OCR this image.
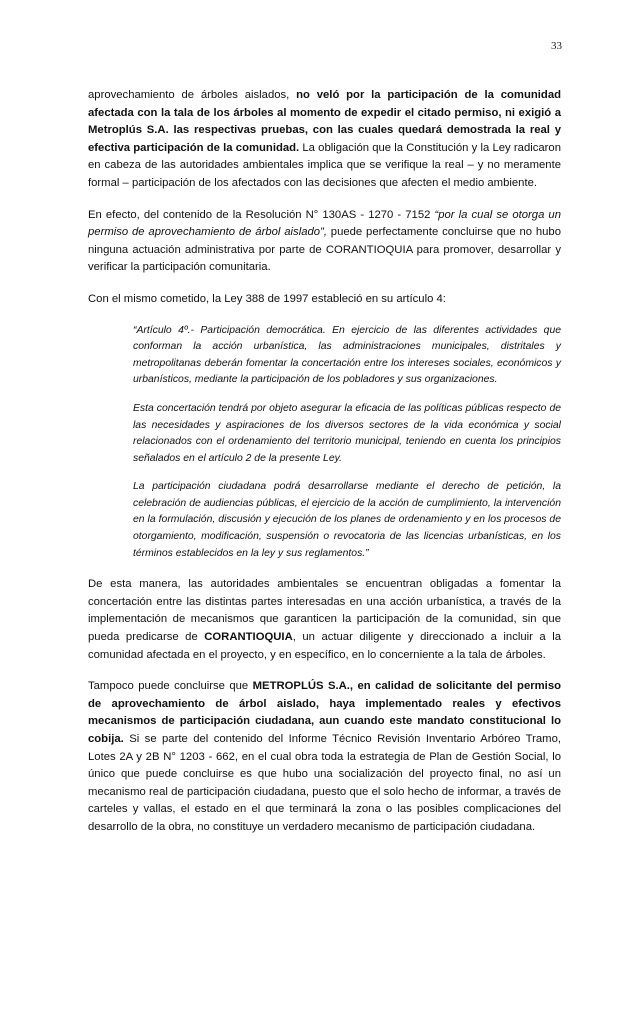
33

aprovechamiento de árboles aislados, no veló por la participación de la comunidad afectada con la tala de los árboles al momento de expedir el citado permiso, ni exigió a Metroplús S.A. las respectivas pruebas, con las cuales quedará demostrada la real y efectiva participación de la comunidad. La obligación que la Constitución y la Ley radicaron en cabeza de las autoridades ambientales implica que se verifique la real – y no meramente formal – participación de los afectados con las decisiones que afecten el medio ambiente.

En efecto, del contenido de la Resolución N° 130AS - 1270 - 7152 “por la cual se otorga un permiso de aprovechamiento de árbol aislado”, puede perfectamente concluirse que no hubo ninguna actuación administrativa por parte de CORANTIOQUIA para promover, desarrollar y verificar la participación comunitaria.

Con el mismo cometido, la Ley 388 de 1997 estableció en su artículo 4:

“Artículo 4º.- Participación democrática. En ejercicio de las diferentes actividades que conforman la acción urbanística, las administraciones municipales, distritales y metropolitanas deberán fomentar la concertación entre los intereses sociales, económicos y urbanísticos, mediante la participación de los pobladores y sus organizaciones.

Esta concertación tendrá por objeto asegurar la eficacia de las políticas públicas respecto de las necesidades y aspiraciones de los diversos sectores de la vida económica y social relacionados con el ordenamiento del territorio municipal, teniendo en cuenta los principios señalados en el artículo 2 de la presente Ley.

La participación ciudadana podrá desarrollarse mediante el derecho de petición, la celebración de audiencias públicas, el ejercicio de la acción de cumplimiento, la intervención en la formulación, discusión y ejecución de los planes de ordenamiento y en los procesos de otorgamiento, modificación, suspensión o revocatoria de las licencias urbanísticas, en los términos establecidos en la ley y sus reglamentos.”

De esta manera, las autoridades ambientales se encuentran obligadas a fomentar la concertación entre las distintas partes interesadas en una acción urbanística, a través de la implementación de mecanismos que garanticen la participación de la comunidad, sin que pueda predicarse de CORANTIOQUIA, un actuar diligente y direccionado a incluir a la comunidad afectada en el proyecto, y en específico, en lo concerniente a la tala de árboles.

Tampoco puede concluirse que METROPLÚS S.A., en calidad de solicitante del permiso de aprovechamiento de árbol aislado, haya implementado reales y efectivos mecanismos de participación ciudadana, aun cuando este mandato constitucional lo cobija. Si se parte del contenido del Informe Técnico Revisión Inventario Arbóreo Tramo, Lotes 2A y 2B N° 1203 - 662, en el cual obra toda la estrategia de Plan de Gestión Social, lo único que puede concluirse es que hubo una socialización del proyecto final, no así un mecanismo real de participación ciudadana, puesto que el solo hecho de informar, a través de carteles y vallas, el estado en el que terminará la zona o las posibles complicaciones del desarrollo de la obra, no constituye un verdadero mecanismo de participación ciudadana.
